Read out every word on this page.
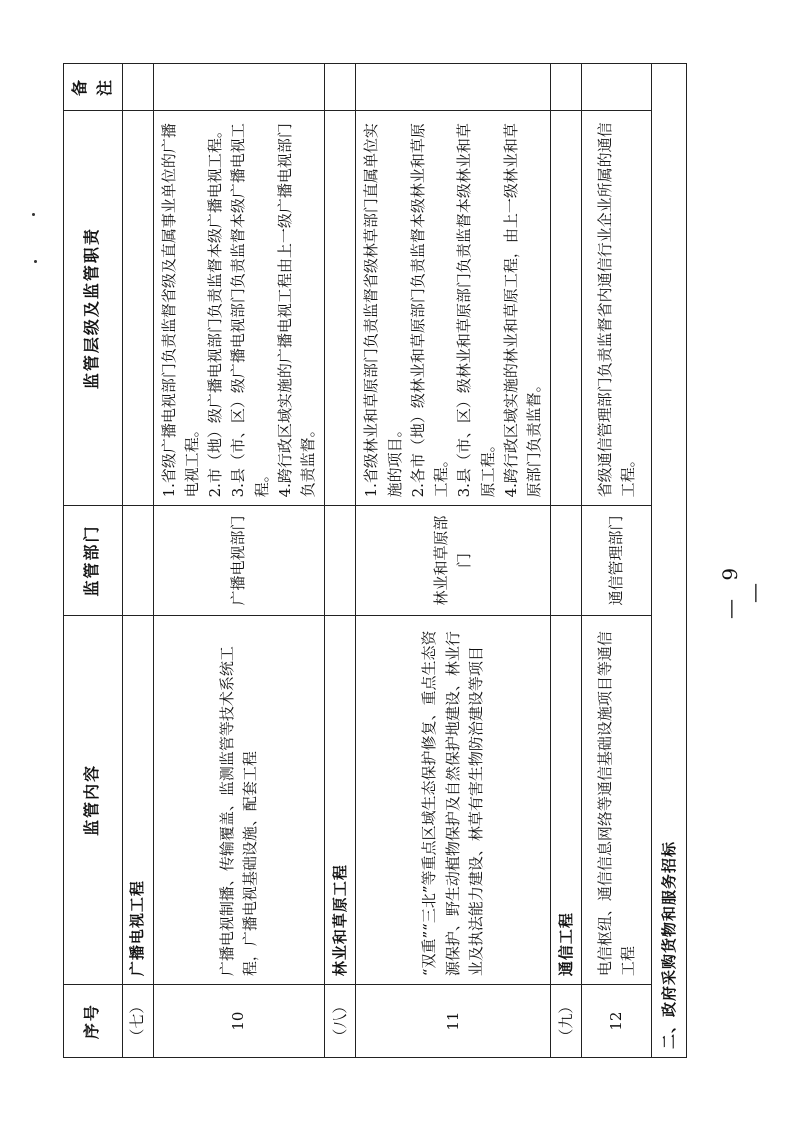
序号	监管内容	监管部门	监管层级及监管职责	备注
（七）	广播电视工程			
10	广播电视制播、传输覆盖、监测监管等技术系统工程，广播电视基础设施、配套工程	广播电视部门	1.省级广播电视部门负责监督省级及直属事业单位的广播电视工程。 2.市（地）级广播电视部门负责监督本级广播电视工程。 3.县（市、区）级广播电视部门负责监督本级广播电视工程。 4.跨行政区域实施的广播电视工程由上一级广播电视部门负责监督。	

（八）	林业和草原工程			
11	“双重”“三北”等重点区域生态保护修复、重点生态资源保护、野生动植物保护及自然保护地建设、林业行业及执法能力建设、林草有害生物防治建设等项目	林业和草原部门	1.省级林业和草原部门负责监督省级林草部门直属单位实施的项目。 2.各市（地）级林业和草原部门负责监督本级林业和草原工程。 3.县（市、区）级林业和草原部门负责监督本级林业和草原工程。 4.跨行政区域实施的林业和草原工程，由上一级林业和草原部门负责监督。	

（九）	通信工程			
12	电信枢纽、通信信息网络等通信基础设施项目等通信工程	通信管理部门	省级通信管理部门负责监督省内通信行业企业所属的通信工程。	

二、政府采购货物和服务招标				
— 9 —
